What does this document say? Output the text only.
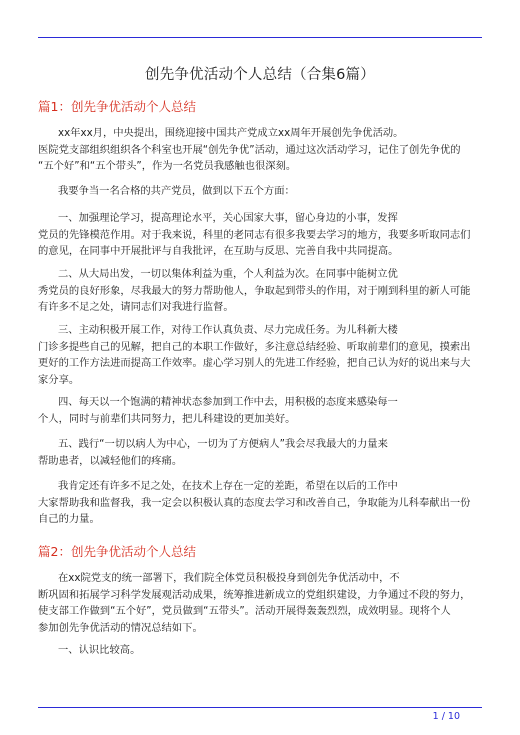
创先争优活动个人总结（合集6篇）
篇1：创先争优活动个人总结
xx年xx月，中央提出，围绕迎接中国共产党成立xx周年开展创先争优活动。
医院党支部组织组织各个科室也开展“创先争优”活动，通过这次活动学习，记住了创先争优的
“五个好”和“五个带头”，作为一名党员我感触也很深刻。
我要争当一名合格的共产党员，做到以下五个方面：
一、加强理论学习，提高理论水平，关心国家大事，留心身边的小事，发挥
党员的先锋模范作用。对于我来说，科里的老同志有很多我要去学习的地方，我要多听取同志们
的意见，在同事中开展批评与自我批评，在互助与反思、完善自我中共同提高。
二、从大局出发，一切以集体利益为重，个人利益为次。在同事中能树立优
秀党员的良好形象，尽我最大的努力帮助他人，争取起到带头的作用，对于刚到科里的新人可能
有许多不足之处，请同志们对我进行监督。
三、主动积极开展工作，对待工作认真负责、尽力完成任务。为儿科新大楼
门诊多提些自己的见解，把自己的本职工作做好，多注意总结经验、听取前辈们的意见，摸索出
更好的工作方法进而提高工作效率。虚心学习别人的先进工作经验，把自己认为好的说出来与大
家分享。
四、每天以一个饱满的精神状态参加到工作中去，用积极的态度来感染每一
个人，同时与前辈们共同努力，把儿科建设的更加美好。
五、践行“一切以病人为中心，一切为了方便病人”我会尽我最大的力量来
帮助患者，以减轻他们的疼痛。
我肯定还有许多不足之处，在技术上存在一定的差距，希望在以后的工作中
大家帮助我和监督我，我一定会以积极认真的态度去学习和改善自己，争取能为儿科奉献出一份
自己的力量。
篇2：创先争优活动个人总结
在xx院党支的统一部署下，我们院全体党员积极投身到创先争优活动中，不
断巩固和拓展学习科学发展观活动成果，统筹推进新成立的党组织建设，力争通过不段的努力，
使支部工作做到“五个好”，党员做到“五带头”。活动开展得轰轰烈烈，成效明显。现将个人
参加创先争优活动的情况总结如下。
一、认识比较高。
1 / 10
